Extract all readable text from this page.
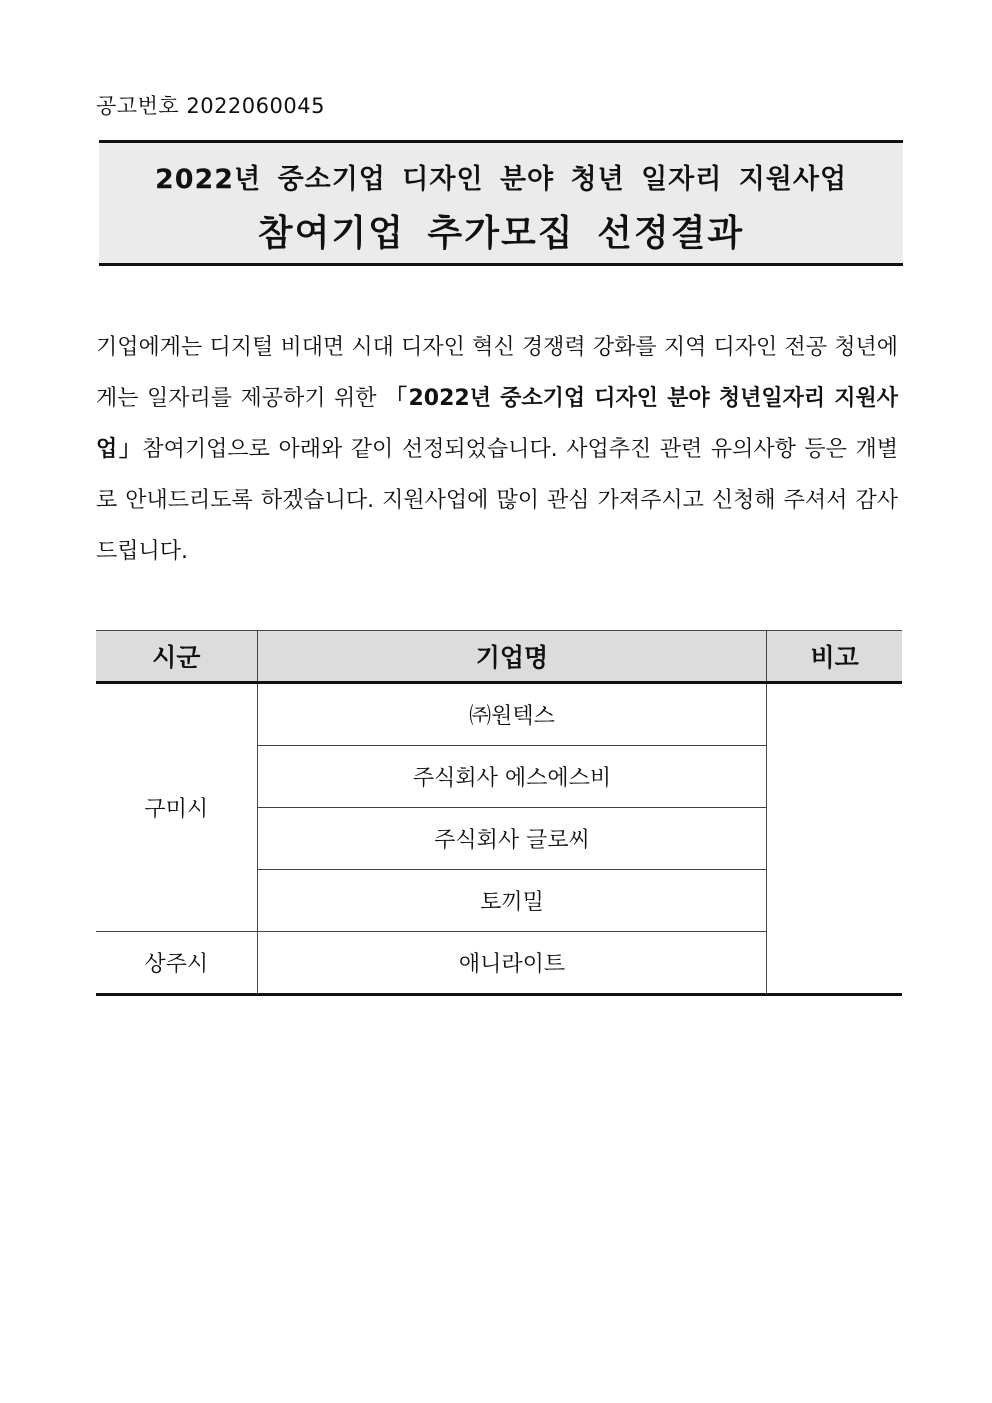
공고번호 2022060045
2022년 중소기업 디자인 분야 청년 일자리 지원사업
참여기업 추가모집 선정결과

기업에게는 디지털 비대면 시대 디자인 혁신 경쟁력 강화를 지역 디자인 전공 청년에게는 일자리를 제공하기 위한 「2022년 중소기업 디자인 분야 청년일자리 지원사업」참여기업으로 아래와 같이 선정되었습니다. 사업추진 관련 유의사항 등은 개별로 안내드리도록 하겠습니다. 지원사업에 많이 관심 가져주시고 신청해 주셔서 감사드립니다.

시군	기업명	비고
구미시	㈜원텍스	
	주식회사 에스에스비	
	주식회사 글로씨	
	토끼밀	
상주시	애니라이트	
